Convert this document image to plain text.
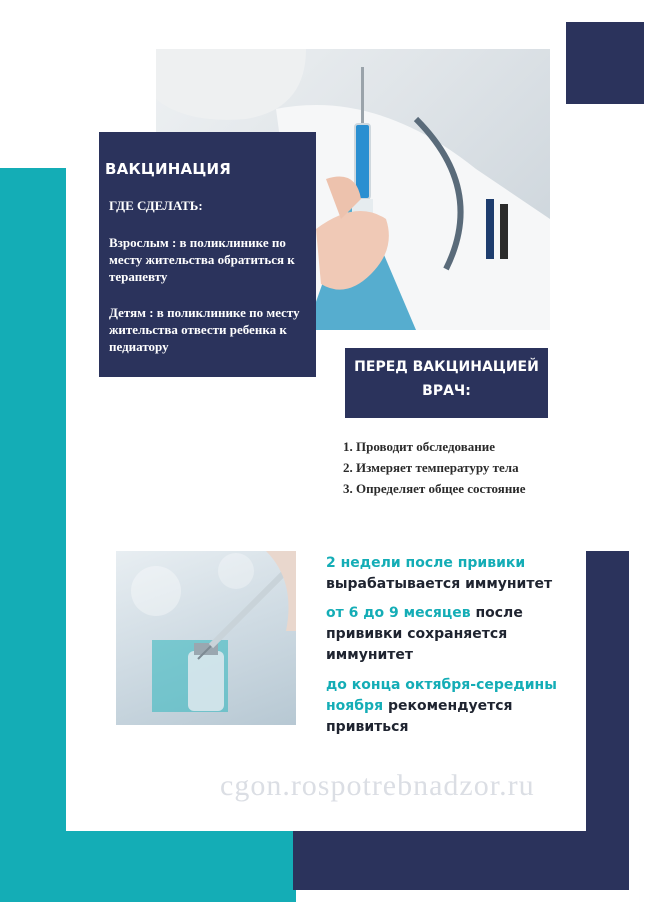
ВАКЦИНАЦИЯ
ГДЕ СДЕЛАТЬ:
Взрослым : в поликлинике по месту жительства обратиться к терапевту
Детям : в поликлинике по месту жительства отвести ребенка к педиатору
ПЕРЕД ВАКЦИНАЦИЕЙ
ВРАЧ:
1. Проводит обследование
2. Измеряет температуру тела
3. Определяет общее состояние
2 недели после привики
вырабатывается иммунитет
от 6 до 9 месяцев после прививки сохраняется иммунитет
до конца октября-середины ноября рекомендуется привиться
cgon.rospotrebnadzor.ru
